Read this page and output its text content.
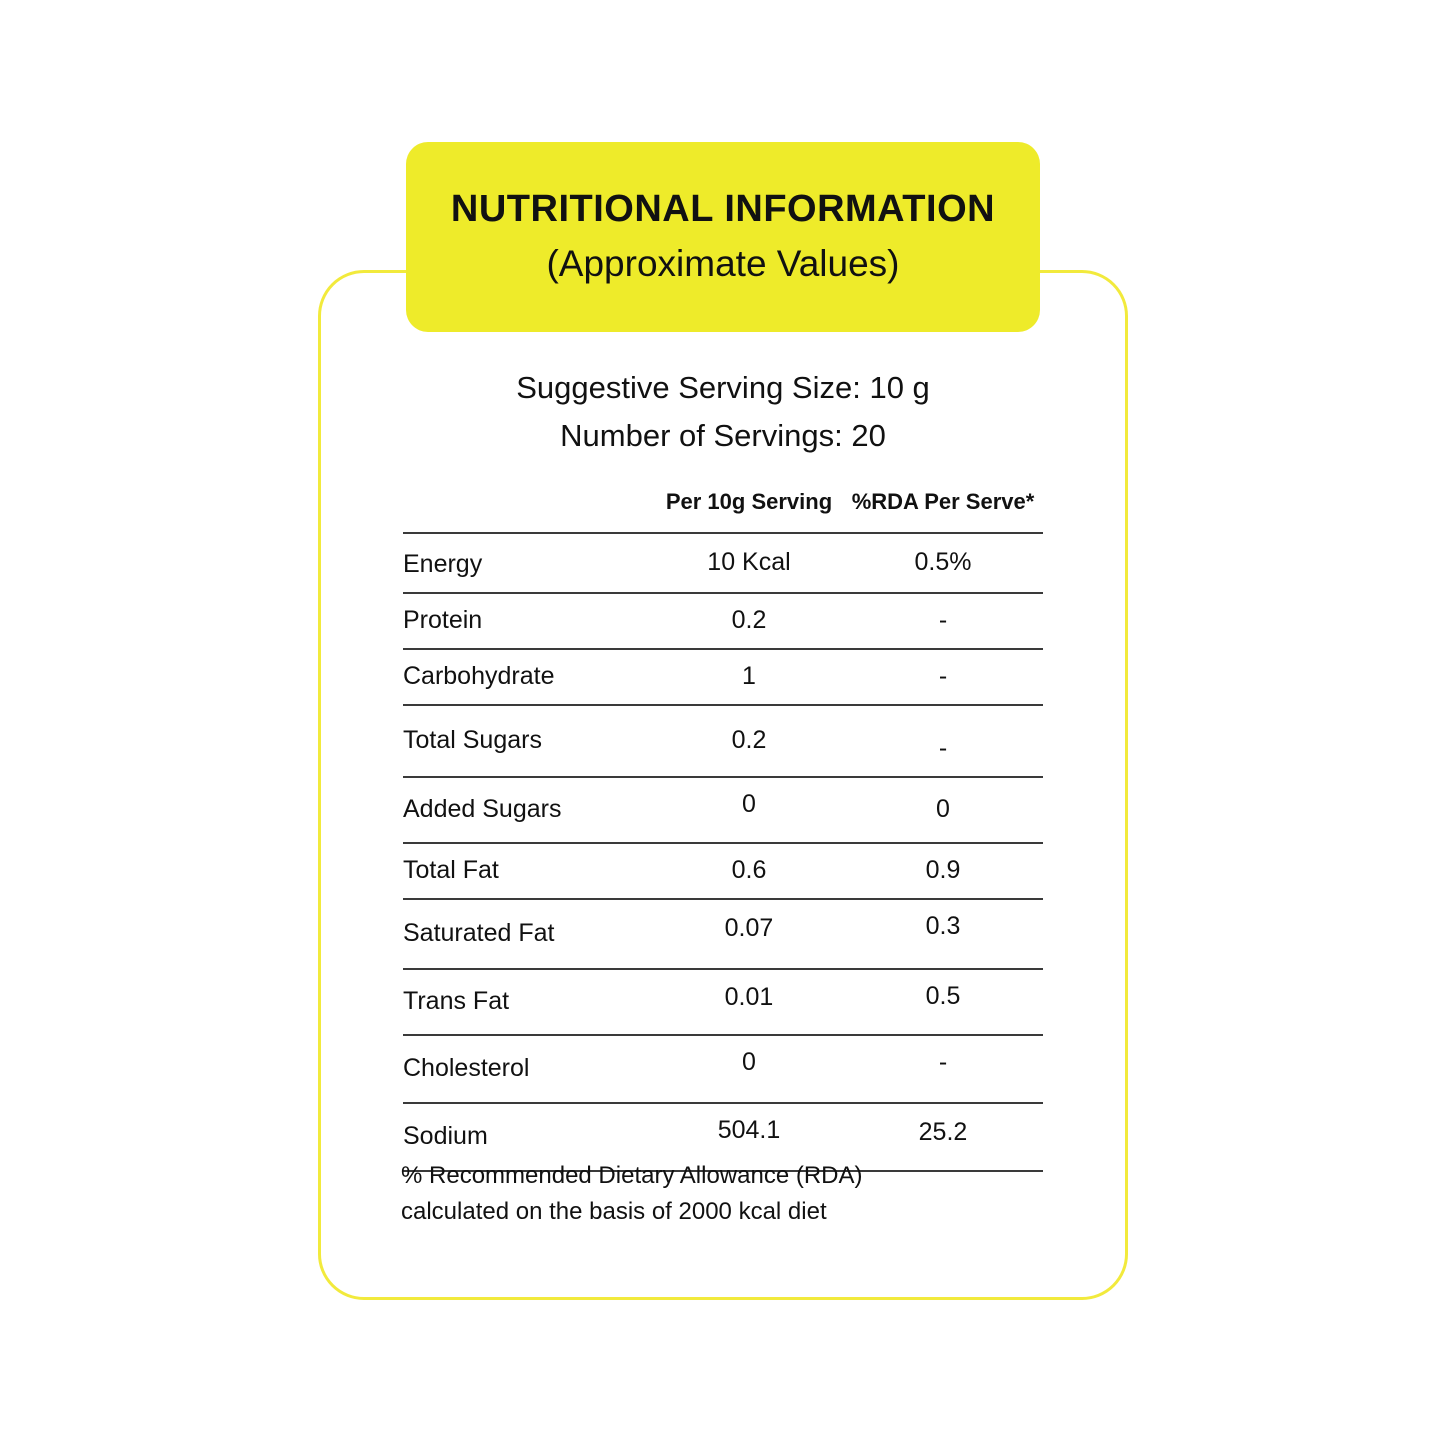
NUTRITIONAL INFORMATION
(Approximate Values)
Suggestive Serving Size: 10 g
Number of Servings: 20
	Per 10g Serving	%RDA Per Serve*
Energy	10 Kcal	0.5%
Protein	0.2	-
Carbohydrate	1	-
Total Sugars	0.2	-
Added Sugars	0	0
Total Fat	0.6	0.9
Saturated Fat	0.07	0.3
Trans Fat	0.01	0.5
Cholesterol	0	-
Sodium	504.1	25.2
% Recommended Dietary Allowance (RDA)
calculated on the basis of 2000 kcal diet
